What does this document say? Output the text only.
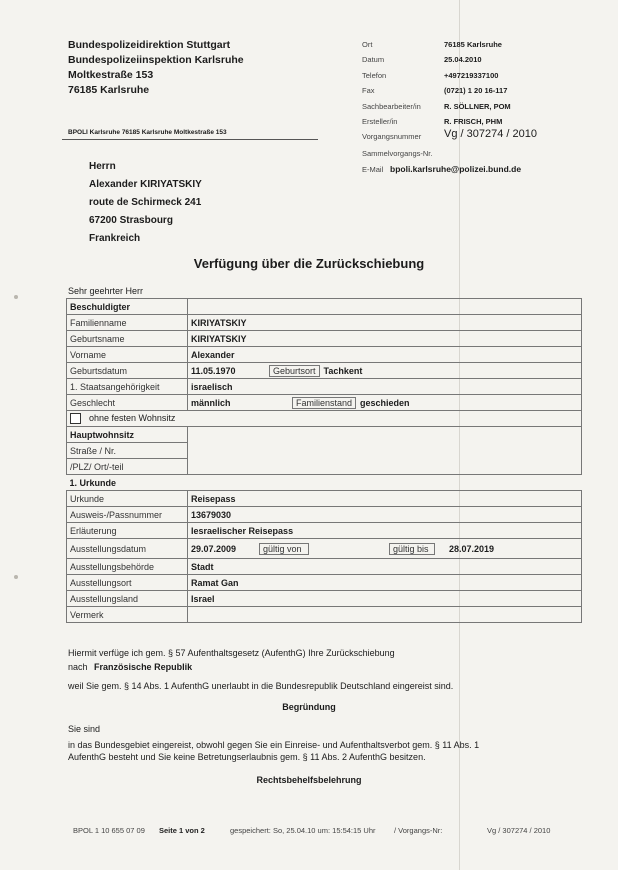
Bundespolizeidirektion Stuttgart
Bundespolizeiinspektion Karlsruhe
Moltkestraße 153
76185 Karlsruhe
BPOLI Karlsruhe 76185 Karlsruhe Moltkestraße 153
Ort	76185 Karlsruhe
Datum	25.04.2010
Telefon	+497219337100
Fax	(0721) 1 20 16-117
Sachbearbeiter/in	R. SÖLLNER, POM
Ersteller/in	R. FRISCH, PHM
Vorgangsnummer Vg / 307274 / 2010
Sammelvorgangs-Nr.
E-Mail bpoli.karlsruhe@polizei.bund.de
Herrn
Alexander KIRIYATSKIY
route de Schirmeck 241
67200 Strasbourg
Frankreich
Verfügung über die Zurückschiebung
Sehr geehrter Herr
Beschuldigter	
Familienname	KIRIYATSKIY
Geburtsname	KIRIYATSKIY
Vorname	Alexander
Geburtsdatum	11.05.1970 Geburtsort Tachkent
1. Staatsangehörigkeit	israelisch
Geschlecht	männlich Familienstand geschieden
ohne festen Wohnsitz	
Hauptwohnsitz	
Straße / Nr.	
/PLZ/ Ort/-teil	
1. Urkunde	
Urkunde	Reisepass
Ausweis-/Passnummer	13679030
Erläuterung	Iesraelischer Reisepass
Ausstellungsdatum	29.07.2009 gültig von gültig bis 28.07.2019
Ausstellungsbehörde	Stadt
Ausstellungsort	Ramat Gan
Ausstellungsland	Israel
Vermerk	
Hiermit verfüge ich gem. § 57 Aufenthaltsgesetz (AufenthG) Ihre Zurückschiebung
nach Französische Republik
weil Sie gem. § 14 Abs. 1 AufenthG unerlaubt in die Bundesrepublik Deutschland eingereist sind.
Begründung
Sie sind
in das Bundesgebiet eingereist, obwohl gegen Sie ein Einreise- und Aufenthaltsverbot gem. § 11 Abs. 1
AufenthG besteht und Sie keine Betretungserlaubnis gem. § 11 Abs. 2 AufenthG besitzen.
Rechtsbehelfsbelehrung
BPOL 1 10 655 07 09 Seite 1 von 2	gespeichert: So, 25.04.10 um: 15:54:15 Uhr / Vorgangs-Nr:	Vg / 307274 / 2010
